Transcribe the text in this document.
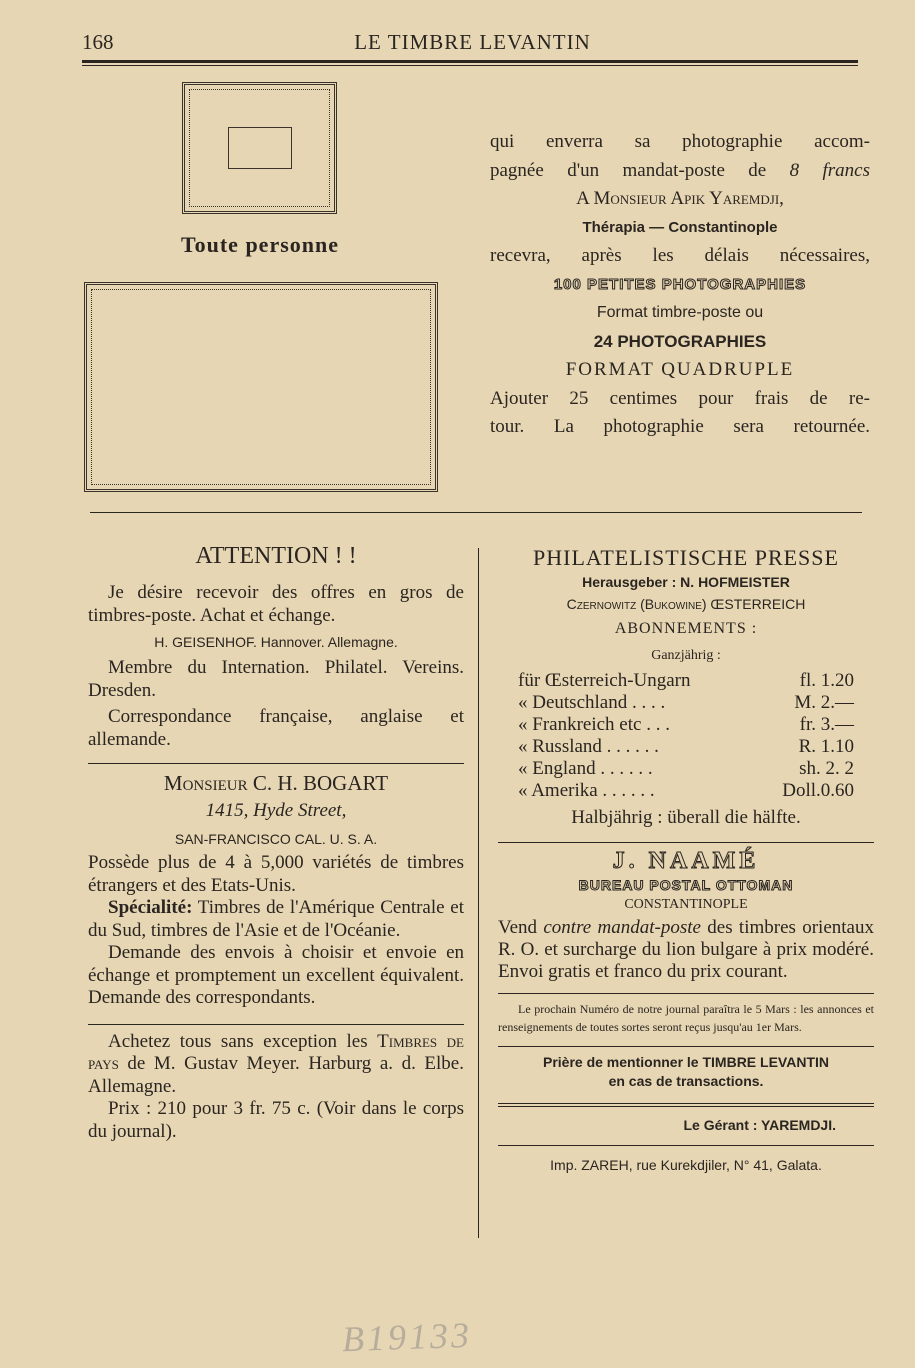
168	LE TIMBRE LEVANTIN
Toute personne
qui enverra sa photographie accom-
pagnée d'un mandat-poste de 8 francs
A Monsieur Apik Yaremdji,
Thérapia — Constantinople
recevra, après les délais nécessaires,
100 PETITES PHOTOGRAPHIES
Format timbre-poste ou
24 PHOTOGRAPHIES
FORMAT QUADRUPLE
Ajouter 25 centimes pour frais de re-
tour. La photographie sera retournée.
ATTENTION ! !
Je désire recevoir des offres en gros de timbres-poste. Achat et échange.
H. GEISENHOF. Hannover. Allemagne.
Membre du Internation. Philatel. Vereins. Dresden.
Correspondance française, anglaise et allemande.
Monsieur C. H. BOGART
1415, Hyde Street,
SAN-FRANCISCO CAL. U. S. A.
Possède plus de 4 à 5,000 variétés de timbres étrangers et des Etats-Unis.
Spécialité: Timbres de l'Amérique Centrale et du Sud, timbres de l'Asie et de l'Océanie.
Demande des envois à choisir et envoie en échange et promptement un excellent équivalent. Demande des correspondants.
Achetez tous sans exception les Timbres de pays de M. Gustav Meyer. Harburg a. d. Elbe. Allemagne.
Prix : 210 pour 3 fr. 75 c. (Voir dans le corps du journal).
PHILATELISTISCHE PRESSE
Herausgeber : N. HOFMEISTER
Czernowitz (Bukowine) ŒSTERREICH
ABONNEMENTS :
Ganzjährig :
für Œsterreich-Ungarn	fl. 1.20
« Deutschland . . . .	M. 2.—
« Frankreich etc . . .	fr. 3.—
« Russland . . . . . .	R. 1.10
« England . . . . . .	sh. 2. 2
« Amerika . . . . . .	Doll.0.60
Halbjährig : überall die hälfte.
J. NAAMÉ
BUREAU POSTAL OTTOMAN
CONSTANTINOPLE
Vend contre mandat-poste des timbres orientaux R. O. et surcharge du lion bulgare à prix modéré. Envoi gratis et franco du prix courant.
Le prochain Numéro de notre journal paraîtra le 5 Mars : les annonces et renseignements de toutes sortes seront reçus jusqu'au 1er Mars.
Prière de mentionner le TIMBRE LEVANTIN
en cas de transactions.
Le Gérant : YAREMDJI.
Imp. ZAREH, rue Kurekdjiler, N° 41, Galata.
B19133
